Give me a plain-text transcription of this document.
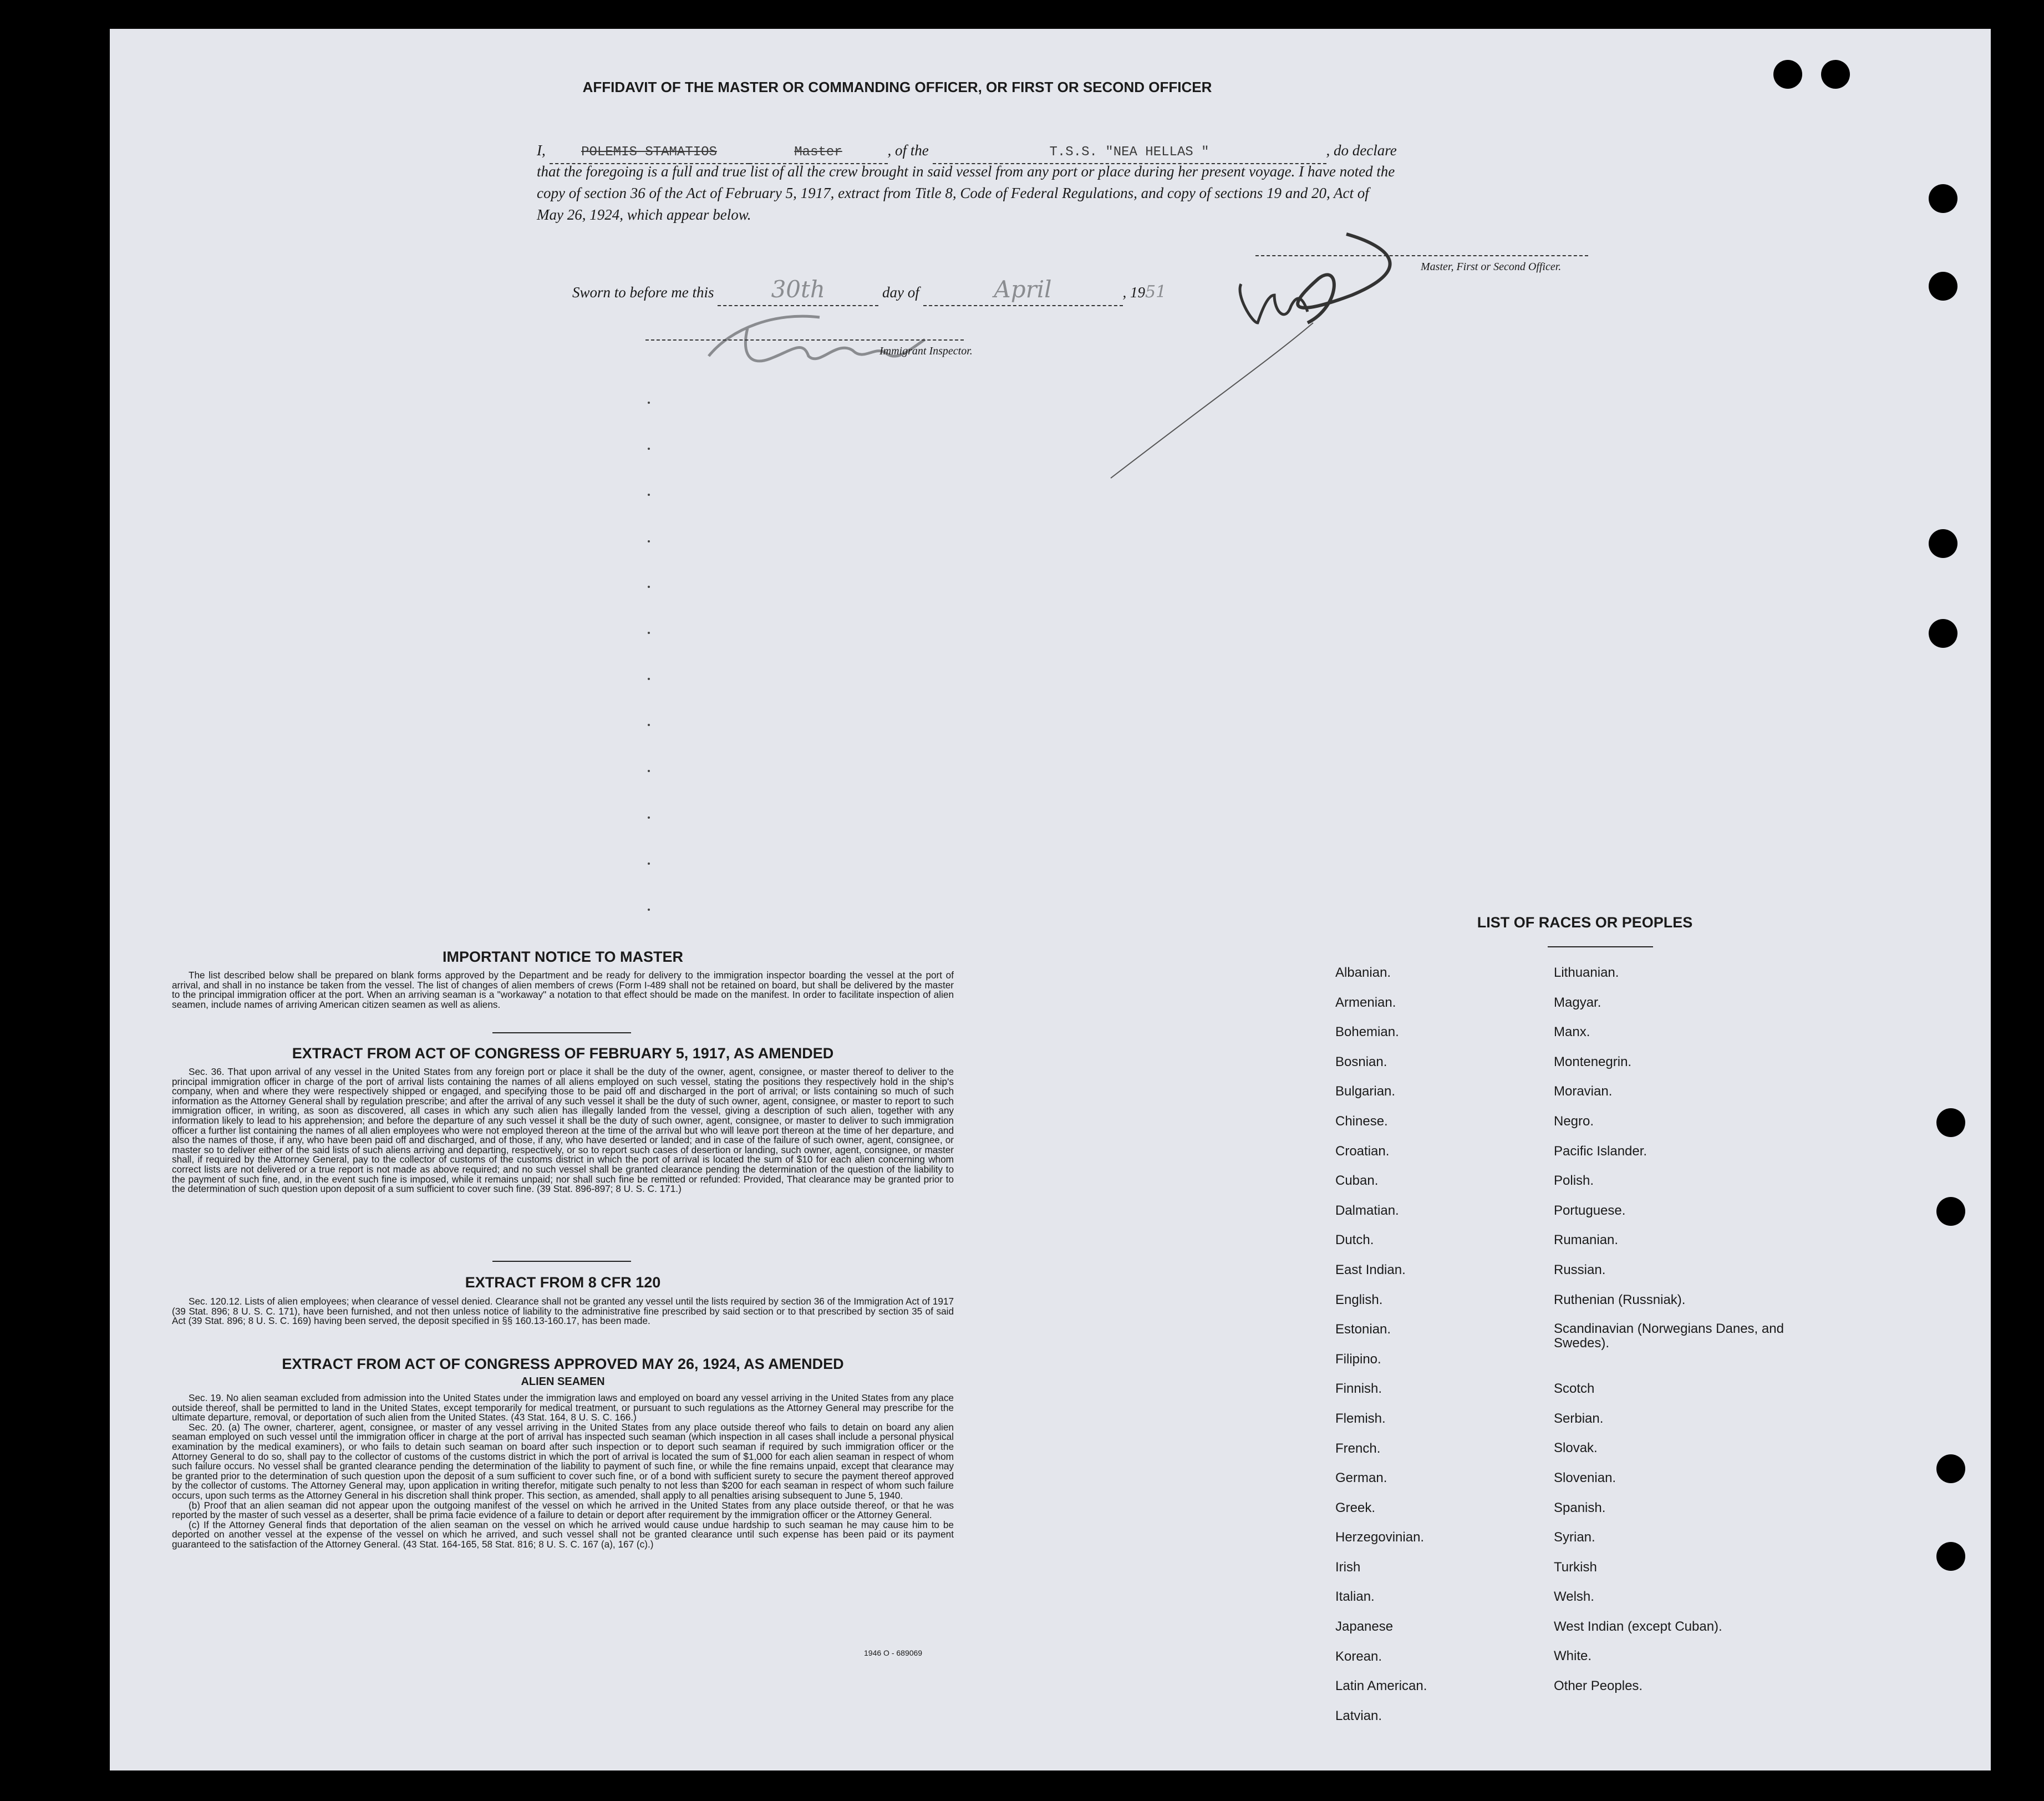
AFFIDAVIT OF THE MASTER OR COMMANDING OFFICER, OR FIRST OR SECOND OFFICER
I,	POLEMIS STAMATIOS	Master	, of the	T.S.S. "NEA HELLAS "	, do declare
that the foregoing is a full and true list of all the crew brought in said vessel from any port or place during her present voyage. I have noted the
copy of section 36 of the Act of February 5, 1917, extract from Title 8, Code of Federal Regulations, and copy of sections 19 and 20, Act of
May 26, 1924, which appear below.
Master, First or Second Officer.
Sworn to before me this 30th	day of	April	, 1951
Immigrant Inspector.
IMPORTANT NOTICE TO MASTER

The list described below shall be prepared on blank forms approved by the Department and be ready for delivery to the immigration inspector boarding the vessel at the port of arrival, and shall in no instance be taken from the vessel. The list of changes of alien members of crews (Form I-489 shall not be retained on board, but shall be delivered by the master to the principal immigration officer at the port. When an arriving seaman is a "workaway" a notation to that effect should be made on the manifest. In order to facilitate inspection of alien seamen, include names of arriving American citizen seamen as well as aliens.

EXTRACT FROM ACT OF CONGRESS OF FEBRUARY 5, 1917, AS AMENDED

Sec. 36. That upon arrival of any vessel in the United States from any foreign port or place it shall be the duty of the owner, agent, consignee, or master thereof to deliver to the principal immigration officer in charge of the port of arrival lists containing the names of all aliens employed on such vessel, stating the positions they respectively hold in the ship's company, when and where they were respectively shipped or engaged, and specifying those to be paid off and discharged in the port of arrival; or lists containing so much of such information as the Attorney General shall by regulation prescribe; and after the arrival of any such vessel it shall be the duty of such owner, agent, consignee, or master to report to such immigration officer, in writing, as soon as discovered, all cases in which any such alien has illegally landed from the vessel, giving a description of such alien, together with any information likely to lead to his apprehension; and before the departure of any such vessel it shall be the duty of such owner, agent, consignee, or master to deliver to such immigration officer a further list containing the names of all alien employees who were not employed thereon at the time of the arrival but who will leave port thereon at the time of her departure, and also the names of those, if any, who have been paid off and discharged, and of those, if any, who have deserted or landed; and in case of the failure of such owner, agent, consignee, or master so to deliver either of the said lists of such aliens arriving and departing, respectively, or so to report such cases of desertion or landing, such owner, agent, consignee, or master shall, if required by the Attorney General, pay to the collector of customs of the customs district in which the port of arrival is located the sum of $10 for each alien concerning whom correct lists are not delivered or a true report is not made as above required; and no such vessel shall be granted clearance pending the determination of the question of the liability to the payment of such fine, and, in the event such fine is imposed, while it remains unpaid; nor shall such fine be remitted or refunded: Provided, That clearance may be granted prior to the determination of such question upon deposit of a sum sufficient to cover such fine. (39 Stat. 896-897; 8 U. S. C. 171.)

EXTRACT FROM 8 CFR 120

Sec. 120.12. Lists of alien employees; when clearance of vessel denied. Clearance shall not be granted any vessel until the lists required by section 36 of the Immigration Act of 1917 (39 Stat. 896; 8 U. S. C. 171), have been furnished, and not then unless notice of liability to the administrative fine prescribed by said section or to that prescribed by section 35 of said Act (39 Stat. 896; 8 U. S. C. 169) having been served, the deposit specified in §§ 160.13-160.17, has been made.

EXTRACT FROM ACT OF CONGRESS APPROVED MAY 26, 1924, AS AMENDED
ALIEN SEAMEN

Sec. 19. No alien seaman excluded from admission into the United States under the immigration laws and employed on board any vessel arriving in the United States from any place outside thereof, shall be permitted to land in the United States, except temporarily for medical treatment, or pursuant to such regulations as the Attorney General may prescribe for the ultimate departure, removal, or deportation of such alien from the United States. (43 Stat. 164, 8 U. S. C. 166.)

Sec. 20. (a) The owner, charterer, agent, consignee, or master of any vessel arriving in the United States from any place outside thereof who fails to detain on board any alien seaman employed on such vessel until the immigration officer in charge at the port of arrival has inspected such seaman (which inspection in all cases shall include a personal physical examination by the medical examiners), or who fails to detain such seaman on board after such inspection or to deport such seaman if required by such immigration officer or the Attorney General to do so, shall pay to the collector of customs of the customs district in which the port of arrival is located the sum of $1,000 for each alien seaman in respect of whom such failure occurs. No vessel shall be granted clearance pending the determination of the liability to payment of such fine, or while the fine remains unpaid, except that clearance may be granted prior to the determination of such question upon the deposit of a sum sufficient to cover such fine, or of a bond with sufficient surety to secure the payment thereof approved by the collector of customs. The Attorney General may, upon application in writing therefor, mitigate such penalty to not less than $200 for each seaman in respect of whom such failure occurs, upon such terms as the Attorney General in his discretion shall think proper. This section, as amended, shall apply to all penalties arising subsequent to June 5, 1940.

(b) Proof that an alien seaman did not appear upon the outgoing manifest of the vessel on which he arrived in the United States from any place outside thereof, or that he was reported by the master of such vessel as a deserter, shall be prima facie evidence of a failure to detain or deport after requirement by the immigration officer or the Attorney General.

(c) If the Attorney General finds that deportation of the alien seaman on the vessel on which he arrived would cause undue hardship to such seaman he may cause him to be deported on another vessel at the expense of the vessel on which he arrived, and such vessel shall not be granted clearance until such expense has been paid or its payment guaranteed to the satisfaction of the Attorney General. (43 Stat. 164-165, 58 Stat. 816; 8 U. S. C. 167 (a), 167 (c).)

1946 O - 689069
LIST OF RACES OR PEOPLES
Albanian.
Armenian.
Bohemian.
Bosnian.
Bulgarian.
Chinese.
Croatian.
Cuban.
Dalmatian.
Dutch.
East Indian.
English.
Estonian.
Filipino.
Finnish.
Flemish.
French.
German.
Greek.
Herzegovinian.
Irish
Italian.
Japanese
Korean.
Latin American.
Latvian.
Lithuanian.
Magyar.
Manx.
Montenegrin.
Moravian.
Negro.
Pacific Islander.
Polish.
Portuguese.
Rumanian.
Russian.
Ruthenian (Russniak).
Scandinavian (Norwegians Danes, and Swedes).
Scotch
Serbian.
Slovak.
Slovenian.
Spanish.
Syrian.
Turkish
Welsh.
West Indian (except Cuban).
White.
Other Peoples.
